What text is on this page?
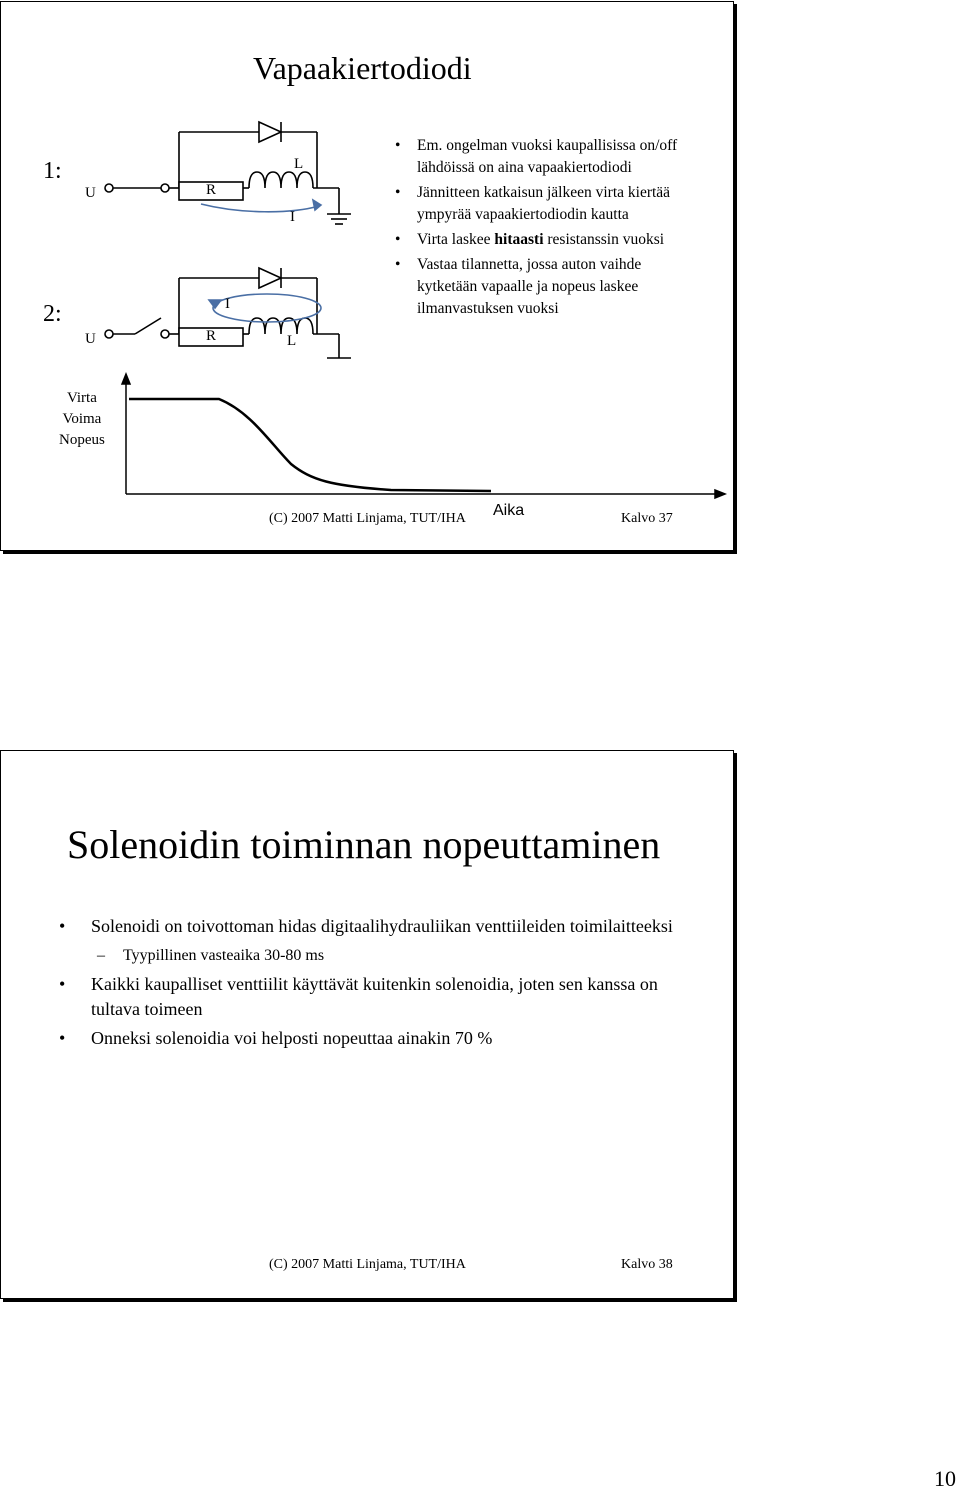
Vapaakiertodiodi
1:
2:
U	R
L
I
U	R	L
I
Virta
Voima
Nopeus
Aika
• Em. ongelman vuoksi kaupallisissa on/off lähdöissä on aina vapaakiertodiodi
• Jännitteen katkaisun jälkeen virta kiertää ympyrää vapaakiertodiodin kautta
• Virta laskee hitaasti resistanssin vuoksi
• Vastaa tilannetta, jossa auton vaihde kytketään vapaalle ja nopeus laskee ilmanvastuksen vuoksi
(C) 2007 Matti Linjama, TUT/IHA	Kalvo 37
Solenoidin toiminnan nopeuttaminen
• Solenoidi on toivottoman hidas digitaalihydrauliikan venttiileiden toimilaitteeksi
– Tyypillinen vasteaika 30-80 ms
• Kaikki kaupalliset venttiilit käyttävät kuitenkin solenoidia, joten sen kanssa on tultava toimeen
• Onneksi solenoidia voi helposti nopeuttaa ainakin 70 %
(C) 2007 Matti Linjama, TUT/IHA	Kalvo 38
10
